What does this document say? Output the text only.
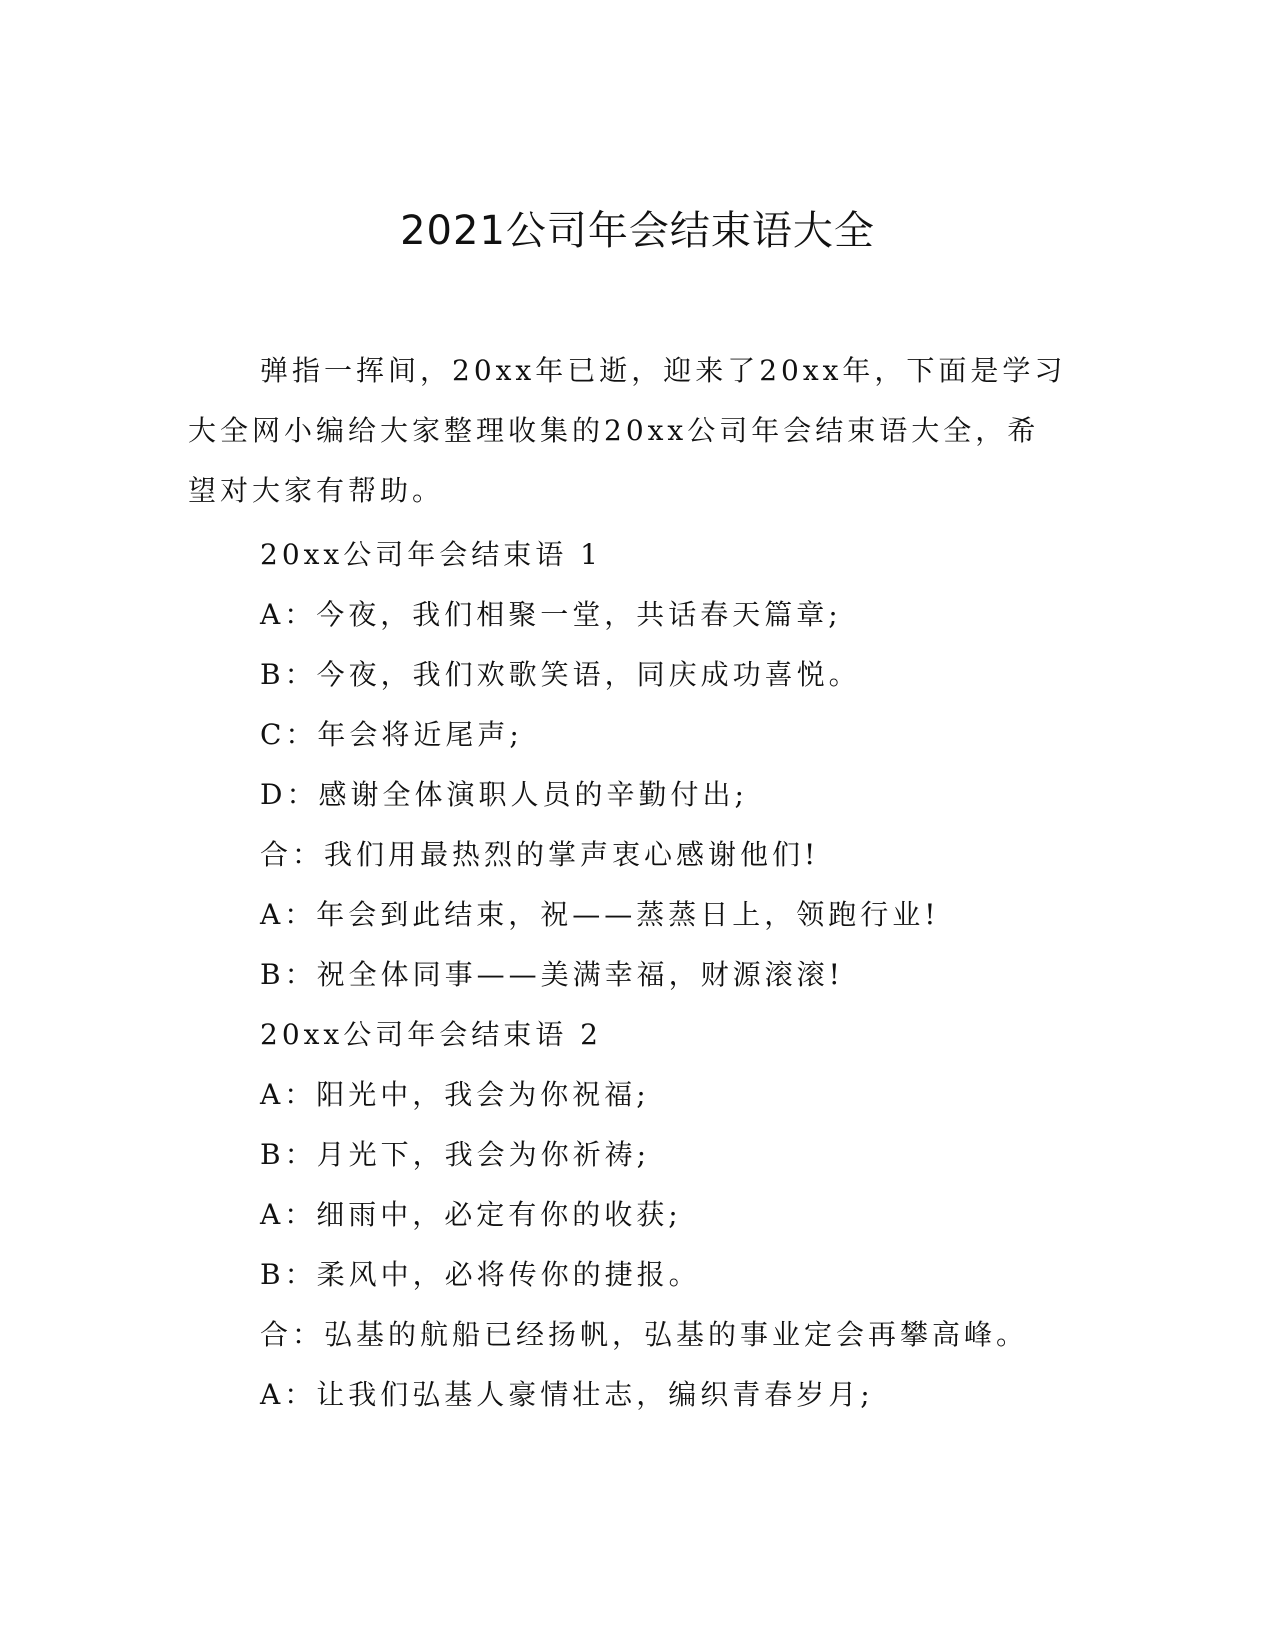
2021公司年会结束语大全

弹指一挥间，20xx年已逝，迎来了20xx年，下面是学习大全网小编给大家整理收集的20xx公司年会结束语大全，希望对大家有帮助。

20xx公司年会结束语 1
A：今夜，我们相聚一堂，共话春天篇章;
B：今夜，我们欢歌笑语，同庆成功喜悦。
C：年会将近尾声;
D：感谢全体演职人员的辛勤付出;
合：我们用最热烈的掌声衷心感谢他们!
A：年会到此结束，祝——蒸蒸日上，领跑行业!
B：祝全体同事——美满幸福，财源滚滚!
20xx公司年会结束语 2
A：阳光中，我会为你祝福;
B：月光下，我会为你祈祷;
A：细雨中，必定有你的收获;
B：柔风中，必将传你的捷报。
合：弘基的航船已经扬帆，弘基的事业定会再攀高峰。
A：让我们弘基人豪情壮志，编织青春岁月;
